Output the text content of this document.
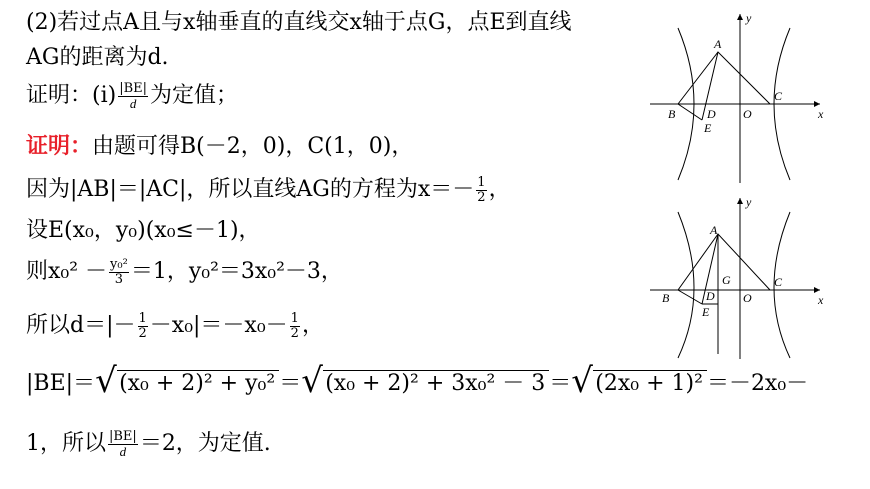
(2)若过点A且与x轴垂直的直线交x轴于点G，点E到直线
AG的距离为d.
证明：$(i) \frac{|BE|}{d}$ 为定值；
证明：由题可得B(－2，0)，C(1，0)，
因为|AB|＝|AC|，所以直线AG的方程为$x=- \frac{1}{2}$ ，
设E(x₀，y₀)(x₀≤－1)，
则$x_0^2 - \frac{\text{y₀²}}{3} =1$，y₀²＝3x₀²－3，
所以$d=|- \frac{1}{2} -x_0|=-x_0- \frac{1}{2}$ ，
|BE|＝ √ (x₀ + 2)² + y₀² ＝ √ (x₀ + 2)² + 3x₀² － 3 ＝ √ (2x₀ + 1)² ＝－2x₀－
1，所以 $\frac{|BE|}{d} =2$，为定值.
y
x
A
B	D O
C
E
y
x
A
B	D
G
O
C
E
